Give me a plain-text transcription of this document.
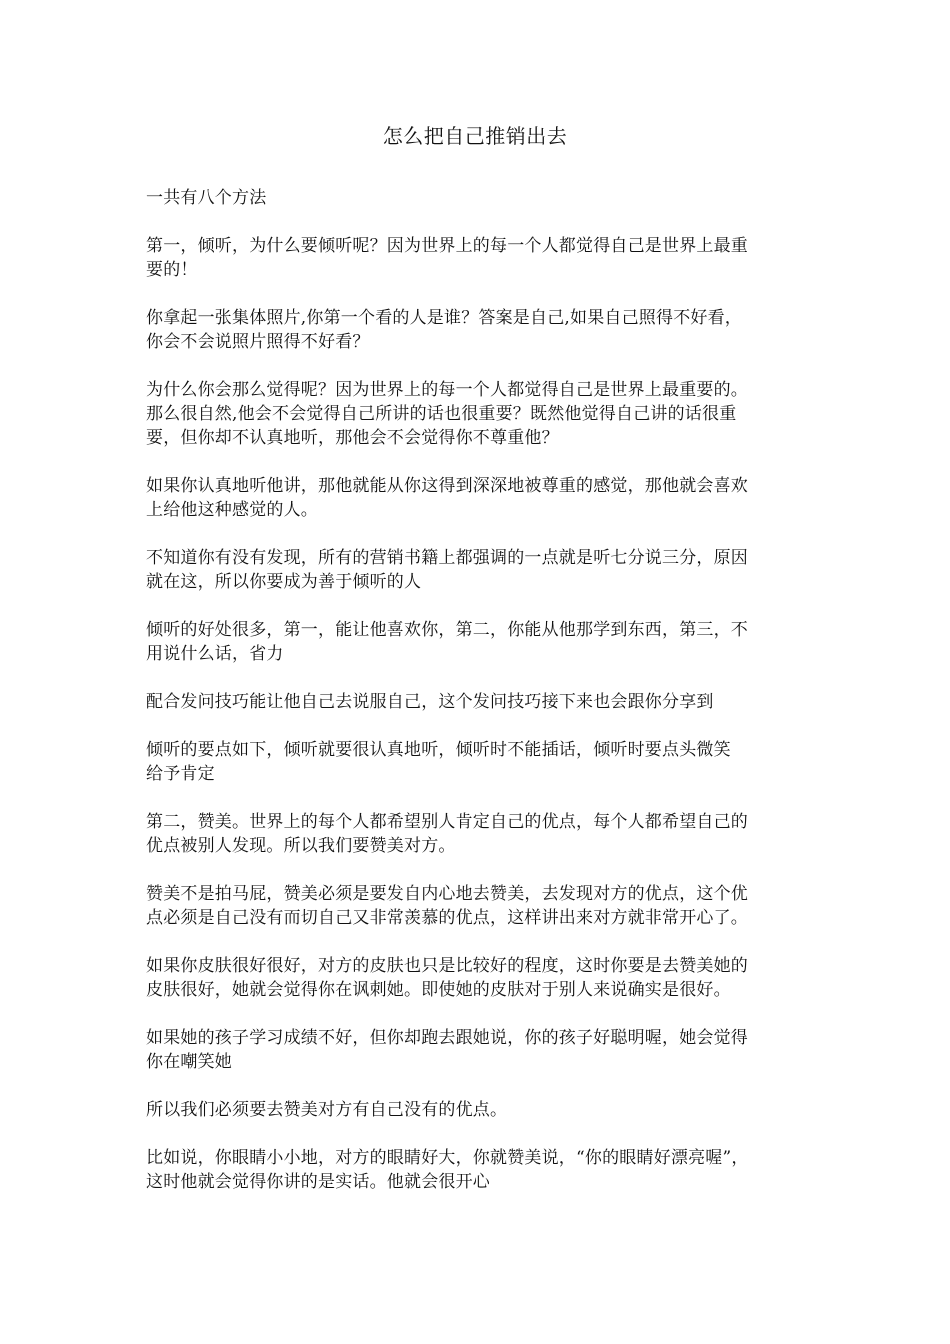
怎么把自己推销出去

一共有八个方法

第一，倾听，为什么要倾听呢？因为世界上的每一个人都觉得自己是世界上最重
要的！

你拿起一张集体照片,你第一个看的人是谁？答案是自己,如果自己照得不好看，
你会不会说照片照得不好看？

为什么你会那么觉得呢？因为世界上的每一个人都觉得自己是世界上最重要的。
那么很自然,他会不会觉得自己所讲的话也很重要？既然他觉得自己讲的话很重
要，但你却不认真地听，那他会不会觉得你不尊重他？

如果你认真地听他讲，那他就能从你这得到深深地被尊重的感觉，那他就会喜欢
上给他这种感觉的人。

不知道你有没有发现，所有的营销书籍上都强调的一点就是听七分说三分，原因
就在这，所以你要成为善于倾听的人

倾听的好处很多，第一，能让他喜欢你，第二，你能从他那学到东西，第三，不
用说什么话，省力

配合发问技巧能让他自己去说服自己，这个发问技巧接下来也会跟你分享到

倾听的要点如下，倾听就要很认真地听，倾听时不能插话，倾听时要点头微笑
给予肯定

第二，赞美。世界上的每个人都希望别人肯定自己的优点，每个人都希望自己的
优点被别人发现。所以我们要赞美对方。

赞美不是拍马屁，赞美必须是要发自内心地去赞美，去发现对方的优点，这个优
点必须是自己没有而切自己又非常羡慕的优点，这样讲出来对方就非常开心了。

如果你皮肤很好很好，对方的皮肤也只是比较好的程度，这时你要是去赞美她的
皮肤很好，她就会觉得你在讽刺她。即使她的皮肤对于别人来说确实是很好。

如果她的孩子学习成绩不好，但你却跑去跟她说，你的孩子好聪明喔，她会觉得
你在嘲笑她

所以我们必须要去赞美对方有自己没有的优点。

比如说，你眼睛小小地，对方的眼睛好大，你就赞美说，“你的眼睛好漂亮喔”，
这时他就会觉得你讲的是实话。他就会很开心
